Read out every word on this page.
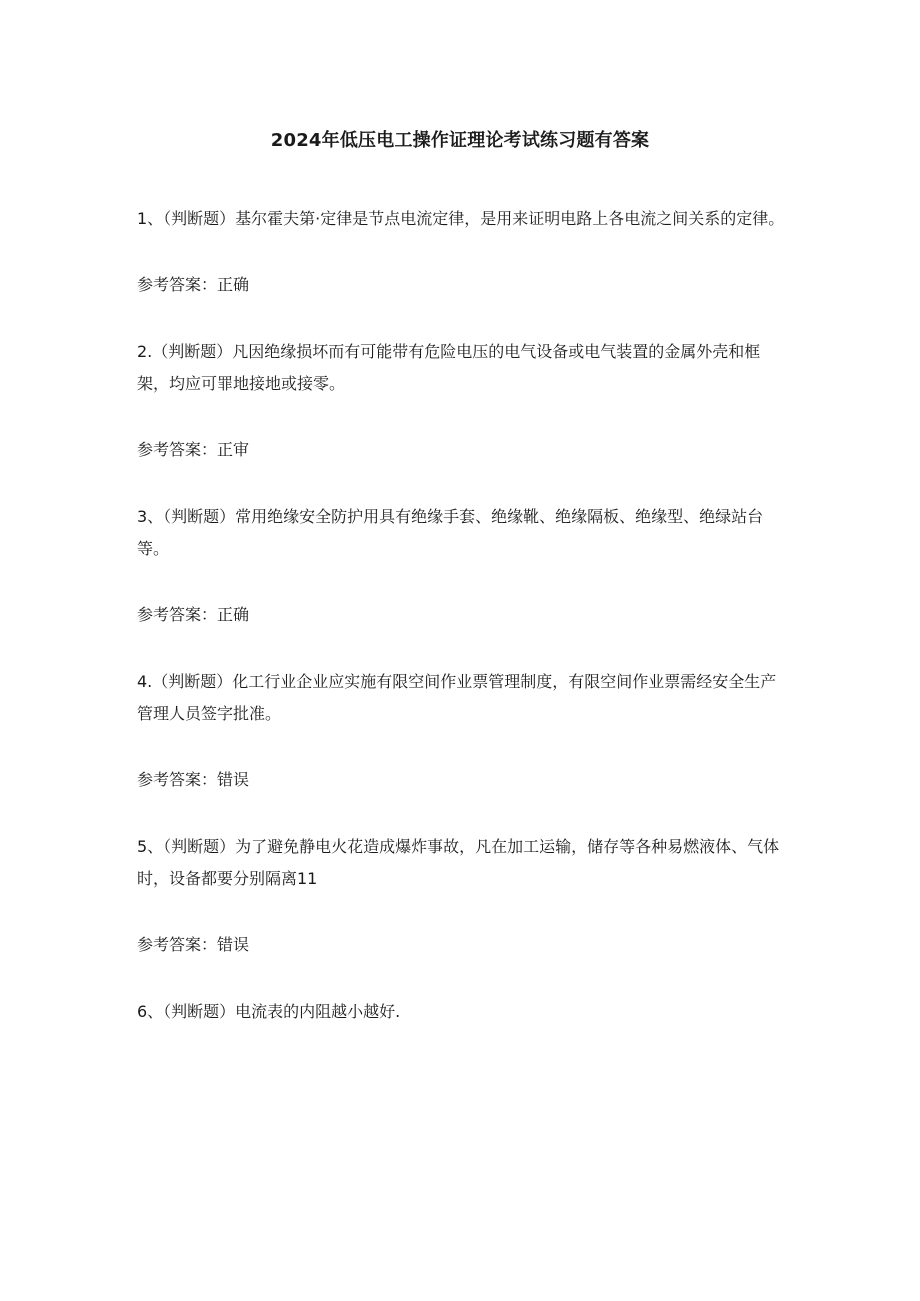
2024年低压电工操作证理论考试练习题有答案

1、（判断题）基尔霍夫第·定律是节点电流定律，是用来证明电路上各电流之间关系的定律。

参考答案：正确

2.（判断题）凡因绝缘损坏而有可能带有危险电压的电气设备或电气装置的金属外壳和框架，均应可罪地接地或接零。

参考答案：正审

3、（判断题）常用绝缘安全防护用具有绝缘手套、绝缘靴、绝缘隔板、绝缘型、绝绿站台等。

参考答案：正确

4.（判断题）化工行业企业应实施有限空间作业票管理制度，有限空间作业票需经安全生产管理人员签字批准。

参考答案：错误

5、（判断题）为了避免静电火花造成爆炸事故，凡在加工运输，储存等各种易燃液体、气体时，设备都要分别隔离11

参考答案：错误

6、（判断题）电流表的内阻越小越好.
